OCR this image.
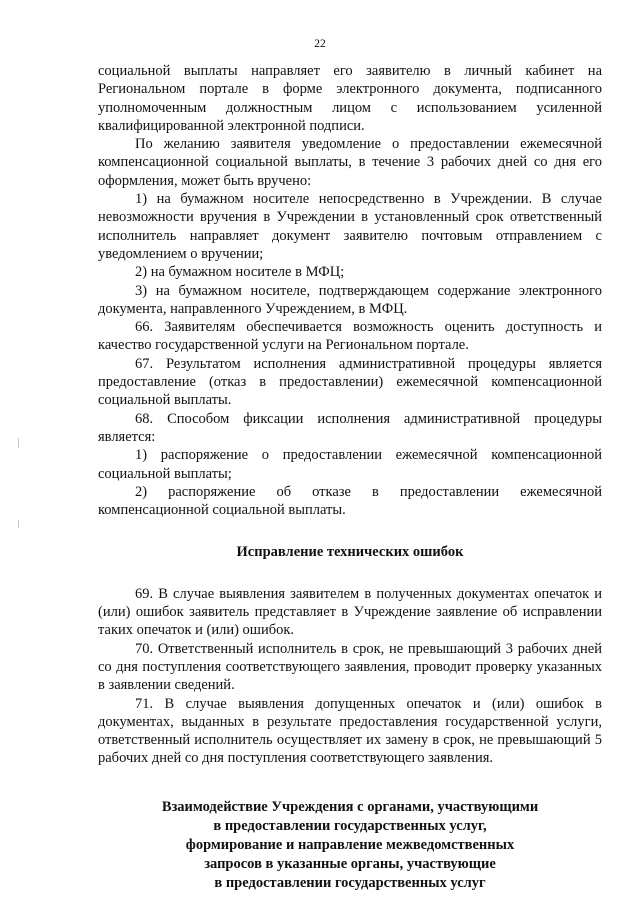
22

социальной выплаты направляет его заявителю в личный кабинет на Региональном портале в форме электронного документа, подписанного уполномоченным должностным лицом с использованием усиленной квалифицированной электронной подписи.

По желанию заявителя уведомление о предоставлении ежемесячной компенсационной социальной выплаты, в течение 3 рабочих дней со дня его оформления, может быть вручено:

1) на бумажном носителе непосредственно в Учреждении. В случае невозможности вручения в Учреждении в установленный срок ответственный исполнитель направляет документ заявителю почтовым отправлением с уведомлением о вручении;

2) на бумажном носителе в МФЦ;

3) на бумажном носителе, подтверждающем содержание электронного документа, направленного Учреждением, в МФЦ.

66. Заявителям обеспечивается возможность оценить доступность и качество государственной услуги на Региональном портале.

67. Результатом исполнения административной процедуры является предоставление (отказ в предоставлении) ежемесячной компенсационной социальной выплаты.

68. Способом фиксации исполнения административной процедуры является:

1) распоряжение о предоставлении ежемесячной компенсационной социальной выплаты;

2) распоряжение об отказе в предоставлении ежемесячной компенсационной социальной выплаты.

Исправление технических ошибок

69. В случае выявления заявителем в полученных документах опечаток и (или) ошибок заявитель представляет в Учреждение заявление об исправлении таких опечаток и (или) ошибок.

70. Ответственный исполнитель в срок, не превышающий 3 рабочих дней со дня поступления соответствующего заявления, проводит проверку указанных в заявлении сведений.

71. В случае выявления допущенных опечаток и (или) ошибок в документах, выданных в результате предоставления государственной услуги, ответственный исполнитель осуществляет их замену в срок, не превышающий 5 рабочих дней со дня поступления соответствующего заявления.

Взаимодействие Учреждения с органами, участвующими
в предоставлении государственных услуг,
формирование и направление межведомственных
запросов в указанные органы, участвующие
в предоставлении государственных услуг
